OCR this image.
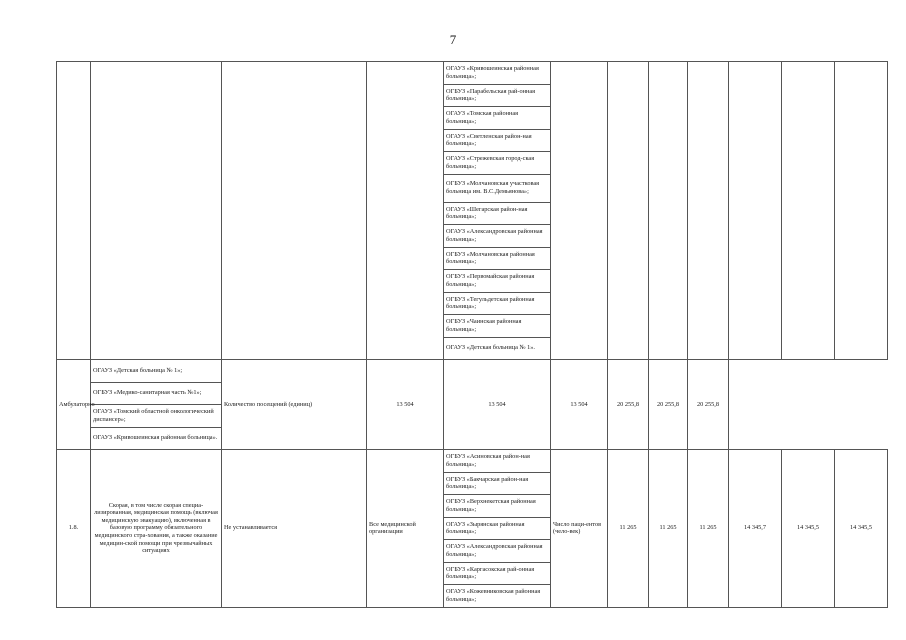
7
				ОГАУЗ «Кривошеинская районная больница»;							
				ОГБУЗ «Парабельская рай-онная больница»;							
				ОГАУЗ «Томская районная больница»;							
				ОГАУЗ «Светленская район-ная больница»;							
				ОГАУЗ «Стрежевская город-ская больница»;							
				ОГБУЗ «Молчановская участковая больница им. В.С.Демьянова»;							
				ОГАУЗ «Шегарская район-ная больница»;							
				ОГАУЗ «Александровская районная больница»;							
				ОГБУЗ «Молчановская районная больница»;							
				ОГБУЗ «Первомайская районная больница»;							
				ОГБУЗ «Тегульдетская районная больница»;							
				ОГБУЗ «Чаинская районная больница»;							
				ОГАУЗ «Детская больница № 1».							
Амбулаторно	ОГАУЗ «Детская больница № 1»;	Количество посещений (единиц)	13 504	13 504	13 504	20 255,8	20 255,8	20 255,8			
	ОГБУЗ «Медико-санитарная часть №1»;										
	ОГАУЗ «Томский областной онкологический диспансер»;										
	ОГАУЗ «Кривошеинская районная больница».										
1.8.	Скорая, в том числе скорая специа-лизированная, медицинская помощь (включая медицинскую эвакуацию), включенная в базовую программу обязательного медицинского стра-хования, а также оказание медицин-ской помощи при чрезвычайных ситуациях	Не устанавливается	Все медицинской организации	ОГБУЗ «Асиновская район-ная больница»;	Число паци-ентов (чело-век)	11 265	11 265	11 265	14 345,7	14 345,5	14 345,5
				ОГБУЗ «Бакчарская район-ная больница»;							
				ОГБУЗ «Верхнекетская районная больница»;							
				ОГАУЗ «Зырянская районная больница»;							
				ОГАУЗ «Александровская районная больница»;							
				ОГБУЗ «Каргасокская рай-онная больница»;							
				ОГАУЗ «Кожевниковская районная больница»;							
